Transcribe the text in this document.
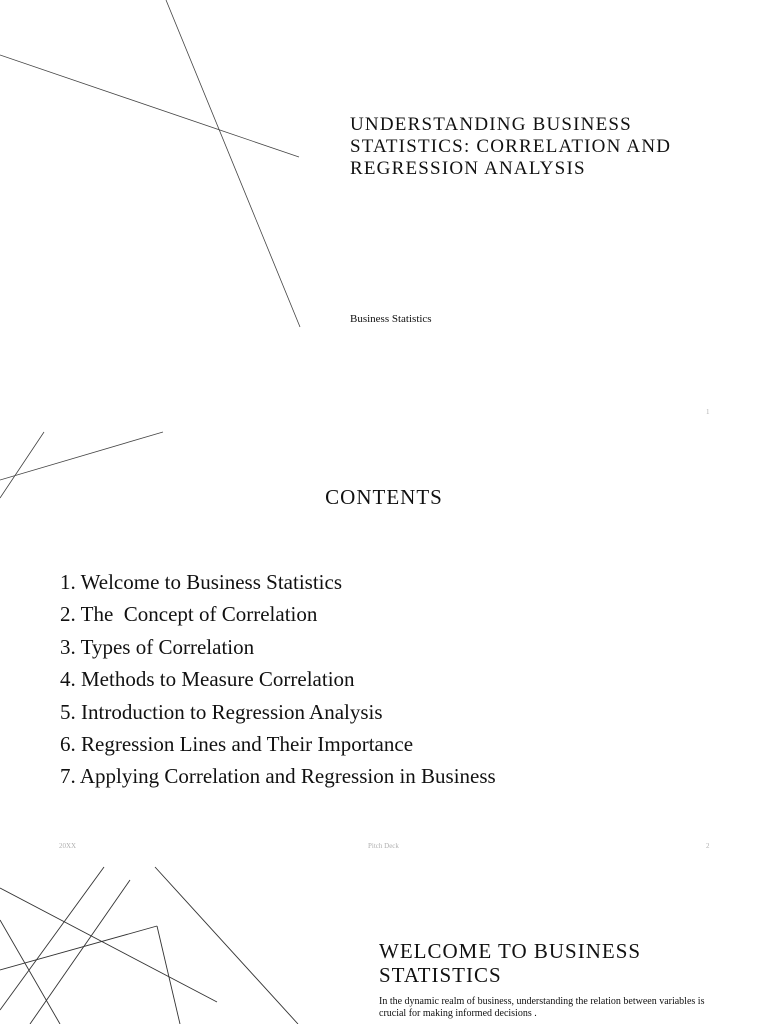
UNDERSTANDING BUSINESS STATISTICS: CORRELATION AND REGRESSION ANALYSIS
Business Statistics
1
CONTENTS
1. Welcome to Business Statistics
2. The  Concept of Correlation
3. Types of Correlation
4. Methods to Measure Correlation
5. Introduction to Regression Analysis
6. Regression Lines and Their Importance
7. Applying Correlation and Regression in Business
20XX	Pitch Deck	2
WELCOME TO BUSINESS STATISTICS

In the dynamic realm of business, understanding the relation between variables is crucial for making informed decisions .
